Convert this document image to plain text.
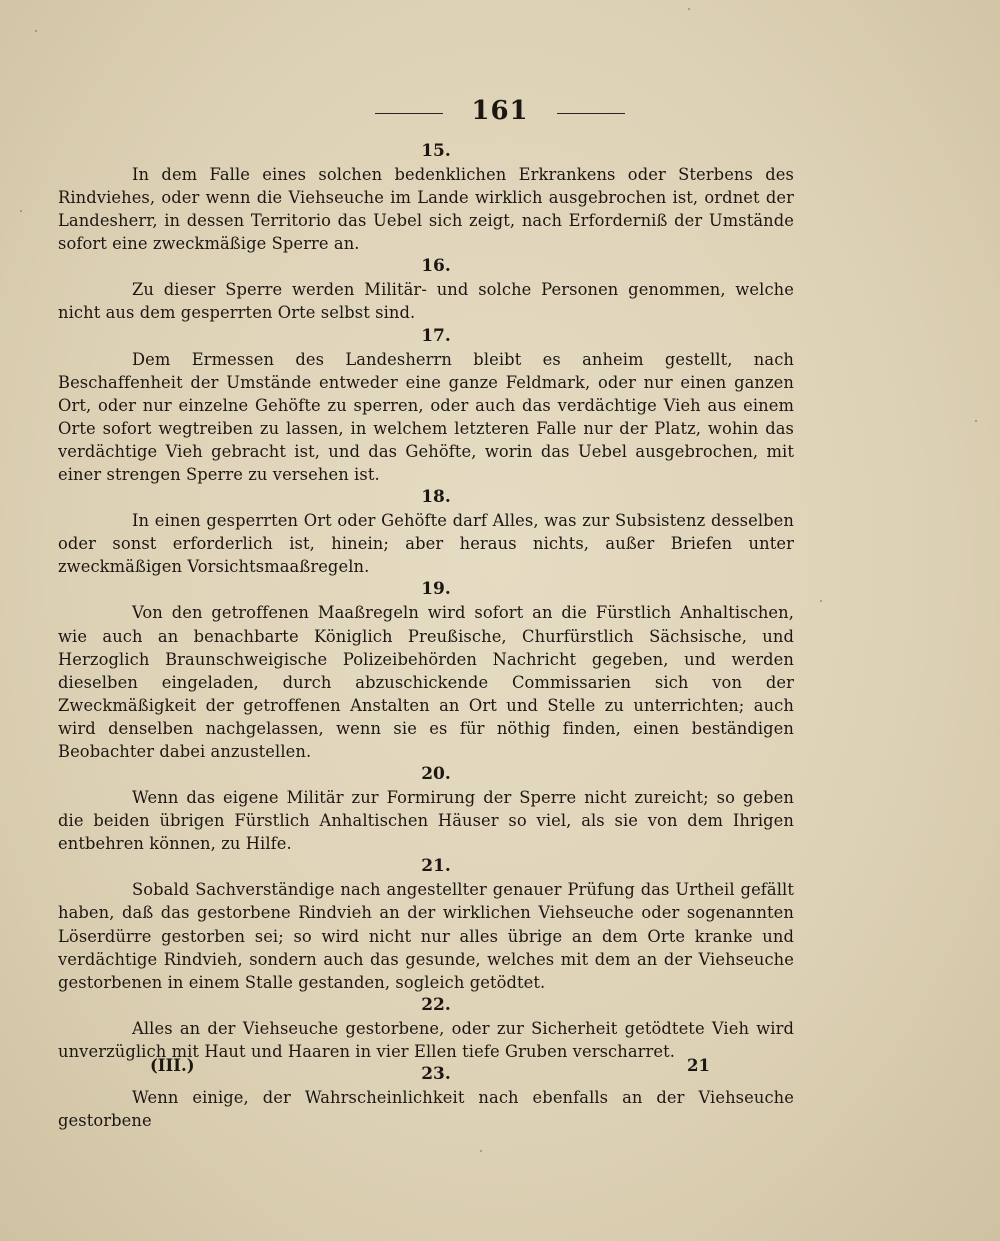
161
15.

In dem Falle eines solchen bedenklichen Erkrankens oder Sterbens des Rindviehes, oder wenn die Viehseuche im Lande wirklich ausgebrochen ist, ordnet der Landesherr, in dessen Territorio das Uebel sich zeigt, nach Erforderniß der Umstände sofort eine zweckmäßige Sperre an.

16.

Zu dieser Sperre werden Militär- und solche Personen genommen, welche nicht aus dem gesperrten Orte selbst sind.

17.

Dem Ermessen des Landesherrn bleibt es anheim gestellt, nach Beschaffenheit der Umstände entweder eine ganze Feldmark, oder nur einen ganzen Ort, oder nur einzelne Gehöfte zu sperren, oder auch das verdächtige Vieh aus einem Orte sofort wegtreiben zu lassen, in welchem letzteren Falle nur der Platz, wohin das verdächtige Vieh gebracht ist, und das Gehöfte, worin das Uebel ausgebrochen, mit einer strengen Sperre zu versehen ist.

18.

In einen gesperrten Ort oder Gehöfte darf Alles, was zur Subsistenz desselben oder sonst erforderlich ist, hinein; aber heraus nichts, außer Briefen unter zweckmäßigen Vorsichtsmaaßregeln.

19.

Von den getroffenen Maaßregeln wird sofort an die Fürstlich Anhaltischen, wie auch an benachbarte Königlich Preußische, Churfürstlich Sächsische, und Herzoglich Braunschweigische Polizeibehörden Nachricht gegeben, und werden dieselben eingeladen, durch abzuschickende Commissarien sich von der Zweckmäßigkeit der getroffenen Anstalten an Ort und Stelle zu unterrichten; auch wird denselben nachgelassen, wenn sie es für nöthig finden, einen beständigen Beobachter dabei anzustellen.

20.

Wenn das eigene Militär zur Formirung der Sperre nicht zureicht; so geben die beiden übrigen Fürstlich Anhaltischen Häuser so viel, als sie von dem Ihrigen entbehren können, zu Hilfe.

21.

Sobald Sachverständige nach angestellter genauer Prüfung das Urtheil gefällt haben, daß das gestorbene Rindvieh an der wirklichen Viehseuche oder sogenannten Löserdürre gestorben sei; so wird nicht nur alles übrige an dem Orte kranke und verdächtige Rindvieh, sondern auch das gesunde, welches mit dem an der Viehseuche gestorbenen in einem Stalle gestanden, sogleich getödtet.

22.

Alles an der Viehseuche gestorbene, oder zur Sicherheit getödtete Vieh wird unverzüglich mit Haut und Haaren in vier Ellen tiefe Gruben verscharret.

23.

Wenn einige, der Wahrscheinlichkeit nach ebenfalls an der Viehseuche gestorbene

(III.)	21
